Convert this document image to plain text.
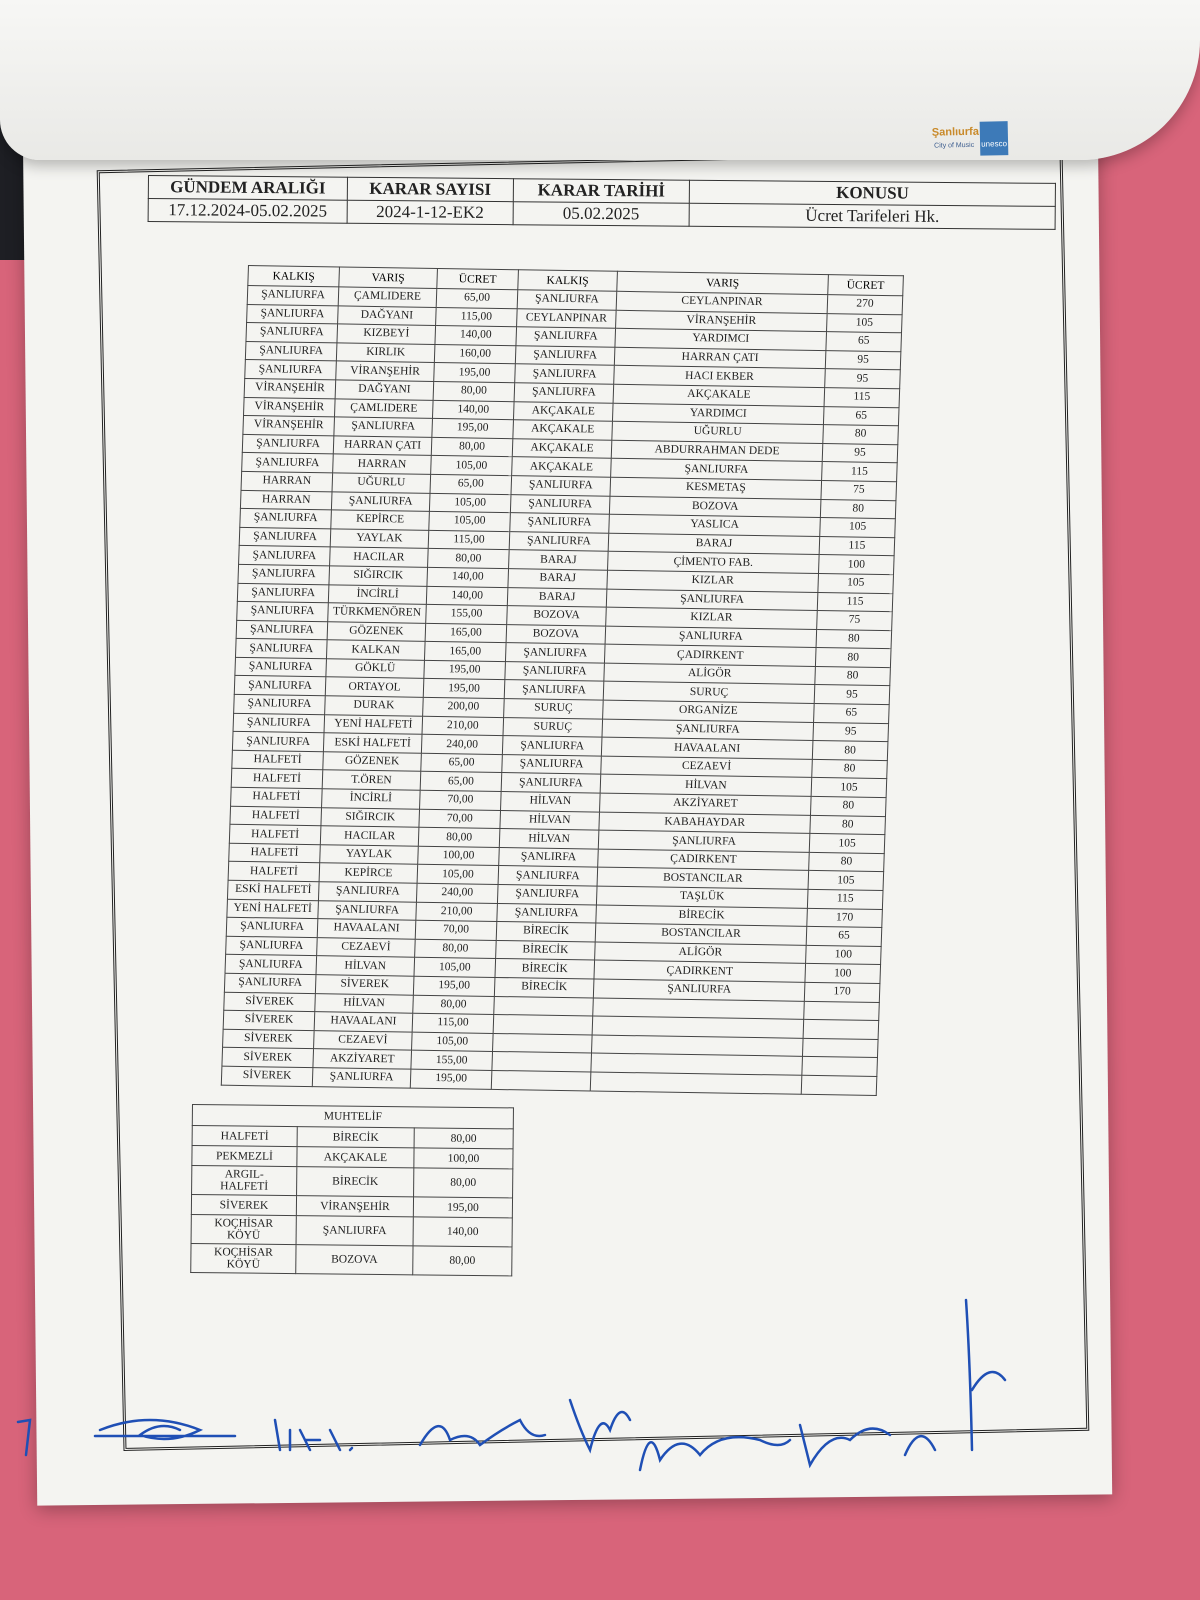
Şanlıurfa
City of Music unesco
GÜNDEM ARALIĞI	KARAR SAYISI	KARAR TARİHİ	KONUSU
17.12.2024-05.02.2025	2024-1-12-EK2	05.02.2025	Ücret Tarifeleri Hk.
KALKIŞ	VARIŞ	ÜCRET	KALKIŞ	VARIŞ	ÜCRET
ŞANLIURFA	ÇAMLIDERE	65,00	ŞANLIURFA	CEYLANPINAR	270
ŞANLIURFA	DAĞYANI	115,00	CEYLANPINAR	VİRANŞEHİR	105
ŞANLIURFA	KIZBEYİ	140,00	ŞANLIURFA	YARDIMCI	65
ŞANLIURFA	KIRLIK	160,00	ŞANLIURFA	HARRAN ÇATI	95
ŞANLIURFA	VİRANŞEHİR	195,00	ŞANLIURFA	HACI EKBER	95
VİRANŞEHİR	DAĞYANI	80,00	ŞANLIURFA	AKÇAKALE	115
VİRANŞEHİR	ÇAMLIDERE	140,00	AKÇAKALE	YARDIMCI	65
VİRANŞEHİR	ŞANLIURFA	195,00	AKÇAKALE	UĞURLU	80
ŞANLIURFA	HARRAN ÇATI	80,00	AKÇAKALE	ABDURRAHMAN DEDE	95
ŞANLIURFA	HARRAN	105,00	AKÇAKALE	ŞANLIURFA	115
HARRAN	UĞURLU	65,00	ŞANLIURFA	KESMETAŞ	75
HARRAN	ŞANLIURFA	105,00	ŞANLIURFA	BOZOVA	80
ŞANLIURFA	KEPİRCE	105,00	ŞANLIURFA	YASLICA	105
ŞANLIURFA	YAYLAK	115,00	ŞANLIURFA	BARAJ	115
ŞANLIURFA	HACILAR	80,00	BARAJ	ÇİMENTO FAB.	100
ŞANLIURFA	SIĞIRCIK	140,00	BARAJ	KIZLAR	105
ŞANLIURFA	İNCİRLİ	140,00	BARAJ	ŞANLIURFA	115
ŞANLIURFA	TÜRKMENÖREN	155,00	BOZOVA	KIZLAR	75
ŞANLIURFA	GÖZENEK	165,00	BOZOVA	ŞANLIURFA	80
ŞANLIURFA	KALKAN	165,00	ŞANLIURFA	ÇADIRKENT	80
ŞANLIURFA	GÖKLÜ	195,00	ŞANLIURFA	ALİGÖR	80
ŞANLIURFA	ORTAYOL	195,00	ŞANLIURFA	SURUÇ	95
ŞANLIURFA	DURAK	200,00	SURUÇ	ORGANİZE	65
ŞANLIURFA	YENİ HALFETİ	210,00	SURUÇ	ŞANLIURFA	95
ŞANLIURFA	ESKİ HALFETİ	240,00	ŞANLIURFA	HAVAALANI	80
HALFETİ	GÖZENEK	65,00	ŞANLIURFA	CEZAEVİ	80
HALFETİ	T.ÖREN	65,00	ŞANLIURFA	HİLVAN	105
HALFETİ	İNCİRLİ	70,00	HİLVAN	AKZİYARET	80
HALFETİ	SIĞIRCIK	70,00	HİLVAN	KABAHAYDAR	80
HALFETİ	HACILAR	80,00	HİLVAN	ŞANLIURFA	105
HALFETİ	YAYLAK	100,00	ŞANLIRFA	ÇADIRKENT	80
HALFETİ	KEPİRCE	105,00	ŞANLIURFA	BOSTANCILAR	105
ESKİ HALFETİ	ŞANLIURFA	240,00	ŞANLIURFA	TAŞLÜK	115
YENİ HALFETİ	ŞANLIURFA	210,00	ŞANLIURFA	BİRECİK	170
ŞANLIURFA	HAVAALANI	70,00	BİRECİK	BOSTANCILAR	65
ŞANLIURFA	CEZAEVİ	80,00	BİRECİK	ALİGÖR	100
ŞANLIURFA	HİLVAN	105,00	BİRECİK	ÇADIRKENT	100
ŞANLIURFA	SİVEREK	195,00	BİRECİK	ŞANLIURFA	170
SİVEREK	HİLVAN	80,00			
SİVEREK	HAVAALANI	115,00			
SİVEREK	CEZAEVİ	105,00			
SİVEREK	AKZİYARET	155,00			
SİVEREK	ŞANLIURFA	195,00			
MUHTELİF		
HALFETİ	BİRECİK	80,00
PEKMEZLİ	AKÇAKALE	100,00
ARGIL-
HALFETİ	BİRECİK	80,00
SİVEREK	VİRANŞEHİR	195,00
KOÇHİSAR
KÖYÜ	ŞANLIURFA	140,00
KOÇHİSAR
KÖYÜ	BOZOVA	80,00
